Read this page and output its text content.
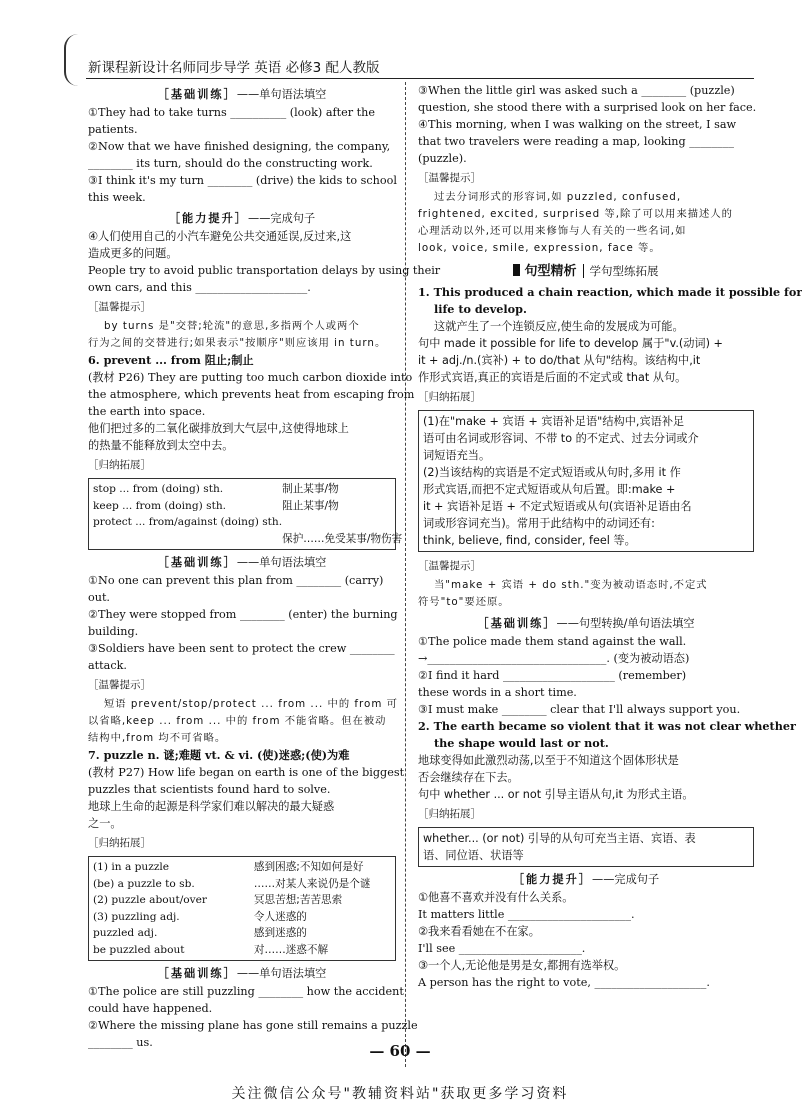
新课程新设计名师同步导学 英语 必修3 配人教版
［基础训练］——单句语法填空

①They had to take turns __________ (look) after the

patients.

②Now that we have finished designing, the company,

________ its turn, should do the constructing work.

③I think it's my turn ________ (drive) the kids to school

this week.

［能力提升］——完成句子

④人们使用自己的小汽车避免公共交通延误,反过来,这

造成更多的问题。

People try to avoid public transportation delays by using their

own cars, and this ____________________.

［温馨提示］

by turns 是"交替;轮流"的意思,多指两个人或两个

行为之间的交替进行;如果表示"按顺序"则应该用 in turn。

6. prevent ... from 阻止;制止

(教材 P26) They are putting too much carbon dioxide into

the atmosphere, which prevents heat from escaping from

the earth into space.

他们把过多的二氧化碳排放到大气层中,这使得地球上

的热量不能释放到太空中去。

［归纳拓展］
stop ... from (doing) sth.	制止某事/物
keep ... from (doing) sth.	阻止某事/物
protect ... from/against (doing) sth.	
	保护……免受某事/物伤害
［基础训练］——单句语法填空

①No one can prevent this plan from ________ (carry)

out.

②They were stopped from ________ (enter) the burning

building.

③Soldiers have been sent to protect the crew ________

attack.

［温馨提示］

短语 prevent/stop/protect ... from ... 中的 from 可

以省略,keep ... from ... 中的 from 不能省略。但在被动

结构中,from 均不可省略。

7. puzzle n. 谜;难题 vt. & vi. (使)迷惑;(使)为难

(教材 P27) How life began on earth is one of the biggest

puzzles that scientists found hard to solve.

地球上生命的起源是科学家们难以解决的最大疑惑

之一。

［归纳拓展］
(1) in a puzzle	感到困惑;不知如何是好
(be) a puzzle to sb.	……对某人来说仍是个谜
(2) puzzle about/over	冥思苦想;苦苦思索
(3) puzzling adj.	令人迷惑的
puzzled adj.	感到迷惑的
be puzzled about	对……迷惑不解
［基础训练］——单句语法填空

①The police are still puzzling ________ how the accident

could have happened.

②Where the missing plane has gone still remains a puzzle

________ us.

③When the little girl was asked such a ________ (puzzle)

question, she stood there with a surprised look on her face.

④This morning, when I was walking on the street, I saw

that two travelers were reading a map, looking ________

(puzzle).

［温馨提示］

过去分词形式的形容词,如 puzzled, confused,

frightened, excited, surprised 等,除了可以用来描述人的

心理活动以外,还可以用来修饰与人有关的一些名词,如

look, voice, smile, expression, face 等。

句型精析 学句型练拓展

1. This produced a chain reaction, which made it possible for

life to develop.

这就产生了一个连锁反应,使生命的发展成为可能。

句中 made it possible for life to develop 属于"v.(动词) +

it + adj./n.(宾补) + to do/that 从句"结构。该结构中,it

作形式宾语,真正的宾语是后面的不定式或 that 从句。

［归纳拓展］
(1)在"make + 宾语 + 宾语补足语"结构中,宾语补足
语可由名词或形容词、不带 to 的不定式、过去分词或介
词短语充当。
(2)当该结构的宾语是不定式短语或从句时,多用 it 作
形式宾语,而把不定式短语或从句后置。即:make +
it + 宾语补足语 + 不定式短语或从句(宾语补足语由名
词或形容词充当)。常用于此结构中的动词还有:
think, believe, find, consider, feel 等。
［温馨提示］

当"make + 宾语 + do sth."变为被动语态时,不定式

符号"to"要还原。

［基础训练］——句型转换/单句语法填空

①The police made them stand against the wall.

→________________________________. (变为被动语态)

②I find it hard ____________________ (remember)

these words in a short time.

③I must make ________ clear that I'll always support you.

2. The earth became so violent that it was not clear whether

the shape would last or not.

地球变得如此激烈动荡,以至于不知道这个固体形状是

否会继续存在下去。

句中 whether ... or not 引导主语从句,it 为形式主语。

［归纳拓展］
whether... (or not) 引导的从句可充当主语、宾语、表
语、同位语、状语等
［能力提升］——完成句子

①他喜不喜欢并没有什么关系。

It matters little ______________________.

②我来看看她在不在家。

I'll see ______________________.

③一个人,无论他是男是女,都拥有选举权。

A person has the right to vote, ____________________.

— 60 —
关注微信公众号"教辅资料站"获取更多学习资料
